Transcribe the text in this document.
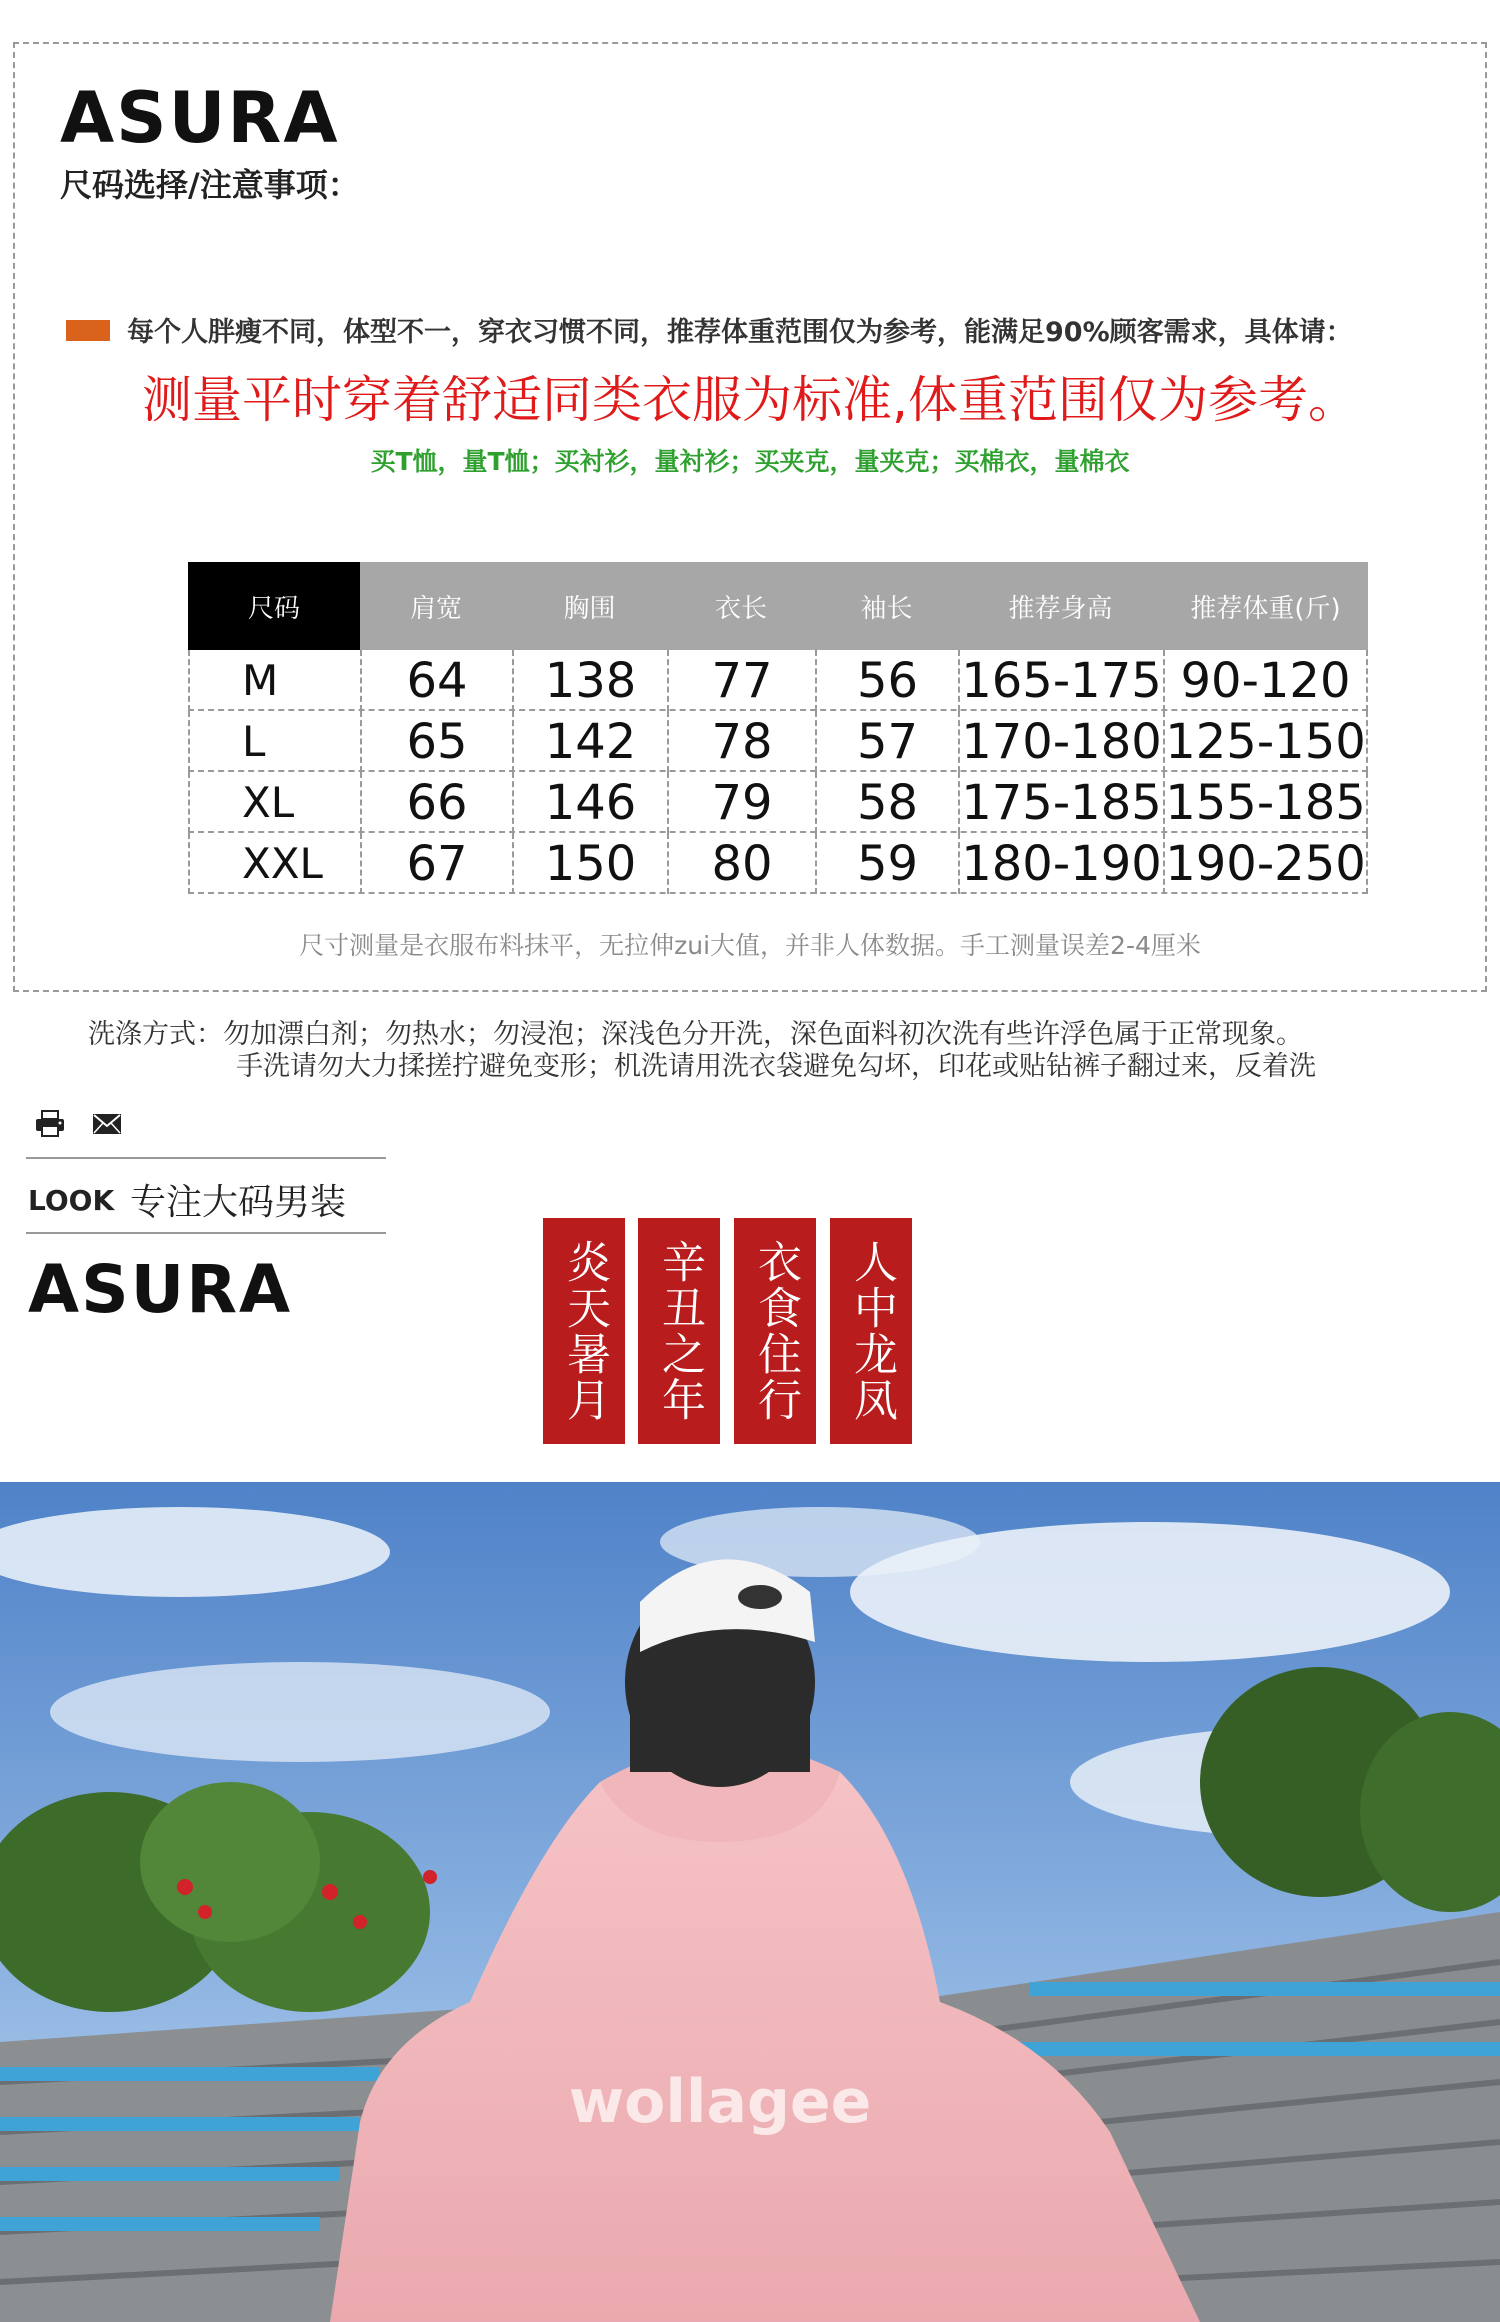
ASURA
尺码选择/注意事项：
每个人胖瘦不同，体型不一，穿衣习惯不同，推荐体重范围仅为参考，能满足90%顾客需求，具体请：
测量平时穿着舒适同类衣服为标准,体重范围仅为参考。
买T恤，量T恤；买衬衫，量衬衫；买夹克，量夹克；买棉衣，量棉衣
尺码	肩宽	胸围	衣长	袖长	推荐身高	推荐体重(斤)
M	64	138	77	56 165-175 90-120
L	65	142	78	57 170-180 125-150
XL	66	146	79	58 175-185 155-185
XXL	67	150	80	59 180-190 190-250
尺寸测量是衣服布料抹平，无拉伸zui大值，并非人体数据。手工测量误差2-4厘米
洗涤方式：勿加漂白剂；勿热水；勿浸泡；深浅色分开洗，深色面料初次洗有些许浮色属于正常现象。
手洗请勿大力揉搓拧避免变形；机洗请用洗衣袋避免勾坏，印花或贴钻裤子翻过来，反着洗
LOOK 专注大码男装
ASURA	炎天暑月 辛丑之年 衣食住行 人中龙凤
wollagee
